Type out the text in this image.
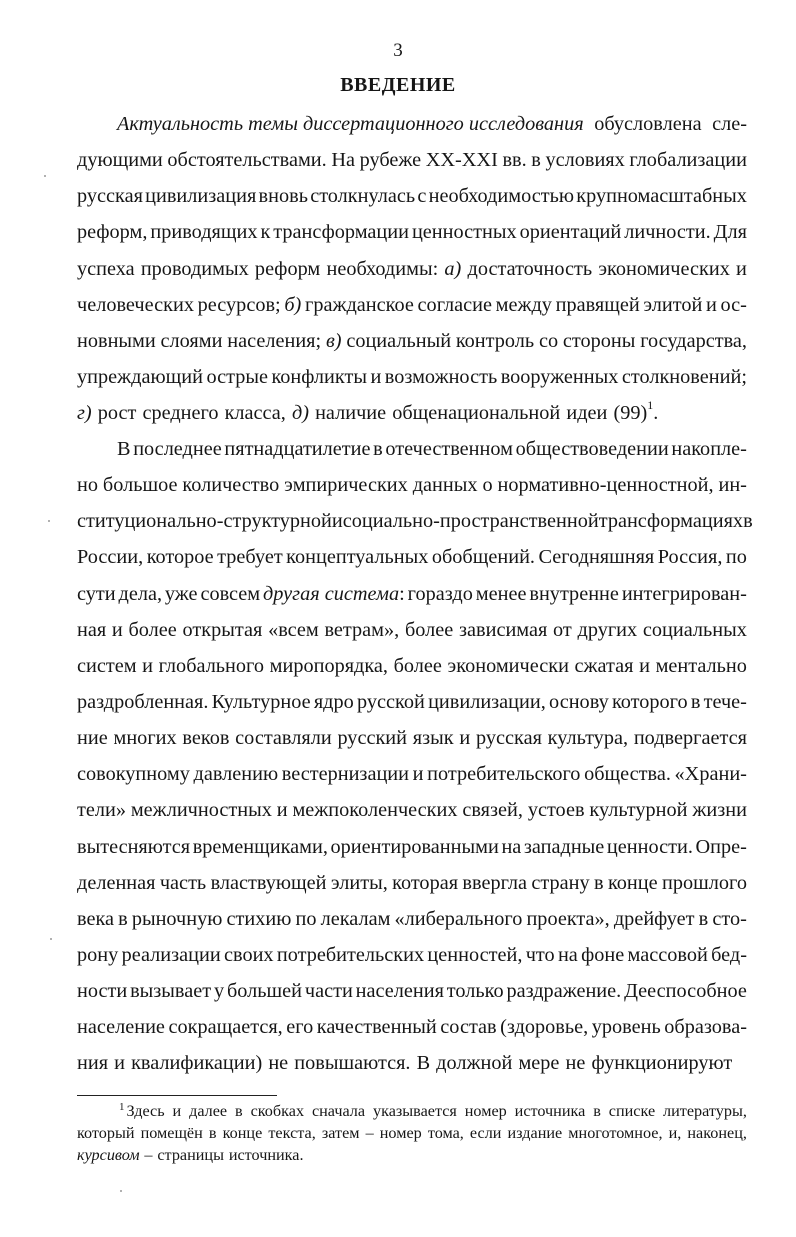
3
ВВЕДЕНИЕ
Актуальность темы диссертационного исследования обусловлена сле-
дующими обстоятельствами. На рубеже XX-XXI вв. в условиях глобализации
русская цивилизация вновь столкнулась с необходимостью крупномасштабных
реформ, приводящих к трансформации ценностных ориентаций личности. Для
успеха проводимых реформ необходимы: а) достаточность экономических и
человеческих ресурсов; б) гражданское согласие между правящей элитой и ос-
новными слоями населения; в) социальный контроль со стороны государства,
упреждающий острые конфликты и возможность вооруженных столкновений;
г) рост среднего класса, д) наличие общенациональной идеи $(99)^1$.
В последнее пятнадцатилетие в отечественном обществоведении накопле-
но большое количество эмпирических данных о нормативно-ценностной, ин-
ституционально-структурной и социально-пространственной трансформациях в
России, которое требует концептуальных обобщений. Сегодняшняя Россия, по
сути дела, уже совсем другая система: гораздо менее внутренне интегрирован-
ная и более открытая «всем ветрам», более зависимая от других социальных
систем и глобального миропорядка, более экономически сжатая и ментально
раздробленная. Культурное ядро русской цивилизации, основу которого в тече-
ние многих веков составляли русский язык и русская культура, подвергается
совокупному давлению вестернизации и потребительского общества. «Храни-
тели» межличностных и межпоколенческих связей, устоев культурной жизни
вытесняются временщиками, ориентированными на западные ценности. Опре-
деленная часть властвующей элиты, которая ввергла страну в конце прошлого
века в рыночную стихию по лекалам «либерального проекта», дрейфует в сто-
рону реализации своих потребительских ценностей, что на фоне массовой бед-
ности вызывает у большей части населения только раздражение. Дееспособное
население сокращается, его качественный состав (здоровье, уровень образова-
ния и квалификации) не повышаются. В должной мере не функционируют
$^1$ Здесь и далее в скобках сначала указывается номер источника в списке литературы,
который помещён в конце текста, затем – номер тома, если издание многотомное, и, наконец,
курсивом – страницы источника.
